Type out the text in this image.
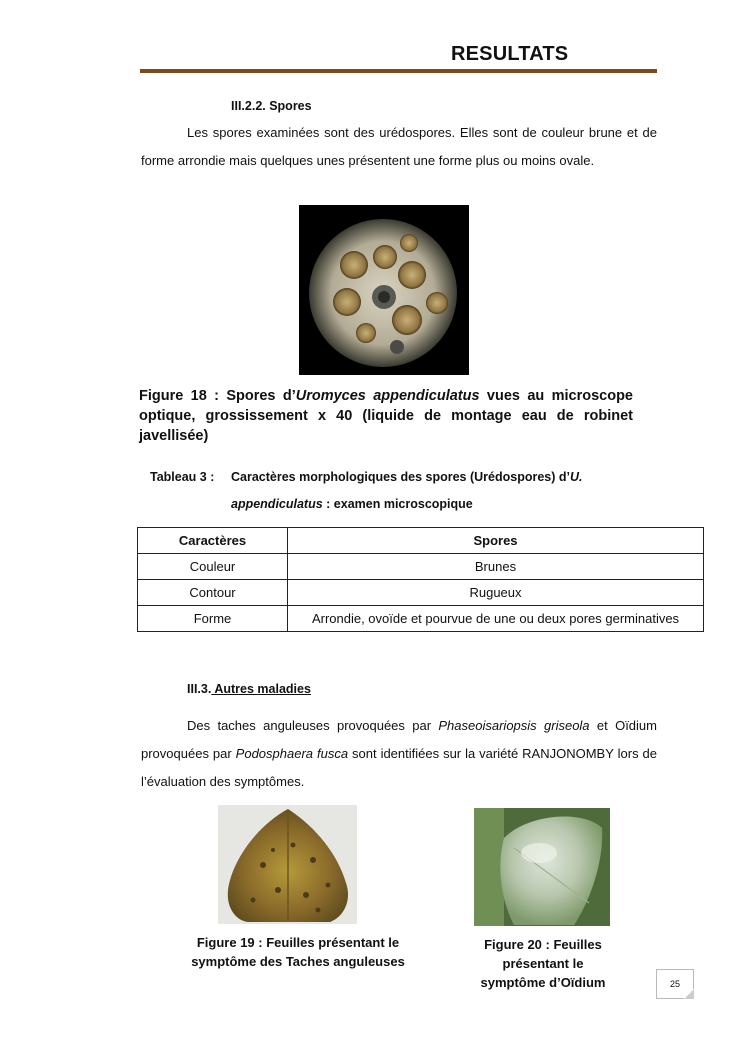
RESULTATS
III.2.2. Spores
Les spores examinées sont des urédospores. Elles sont de couleur brune et de forme arrondie mais quelques unes présentent une forme plus ou moins ovale.
Figure 18 : Spores d’Uromyces appendiculatus vues au microscope optique, grossissement x 40 (liquide de montage eau de robinet javellisée)
Tableau 3 : Caractères morphologiques des spores (Urédospores) d’U.
appendiculatus : examen microscopique
Caractères	Spores
Couleur	Brunes
Contour	Rugueux
Forme	Arrondie, ovoïde et pourvue de une ou deux pores germinatives
III.3. Autres maladies
Des taches anguleuses provoquées par Phaseoisariopsis griseola et Oïdium provoquées par Podosphaera fusca sont identifiées sur la variété RANJONOMBY lors de l’évaluation des symptômes.
Figure 19 : Feuilles présentant le symptôme des Taches anguleuses
Figure 20 : Feuilles présentant le symptôme d’Oïdium	25
